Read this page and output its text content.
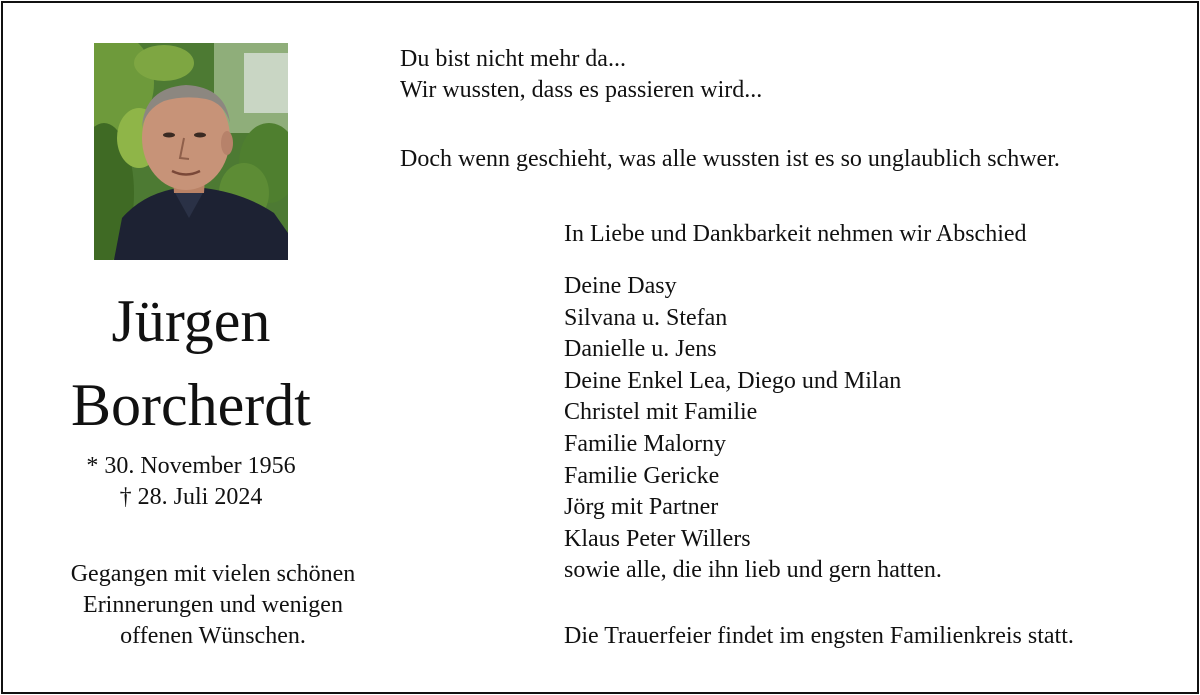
Jürgen
Borcherdt
* 30. November 1956
† 28. Juli 2024
Gegangen mit vielen schönen
Erinnerungen und wenigen
offenen Wünschen.
Du bist nicht mehr da...
Wir wussten, dass es passieren wird...
Doch wenn geschieht, was alle wussten ist es so unglaublich schwer.
In Liebe und Dankbarkeit nehmen wir Abschied
Deine Dasy
Silvana u. Stefan
Danielle u. Jens
Deine Enkel Lea, Diego und Milan
Christel mit Familie
Familie Malorny
Familie Gericke
Jörg mit Partner
Klaus Peter Willers
sowie alle, die ihn lieb und gern hatten.
Die Trauerfeier findet im engsten Familienkreis statt.
